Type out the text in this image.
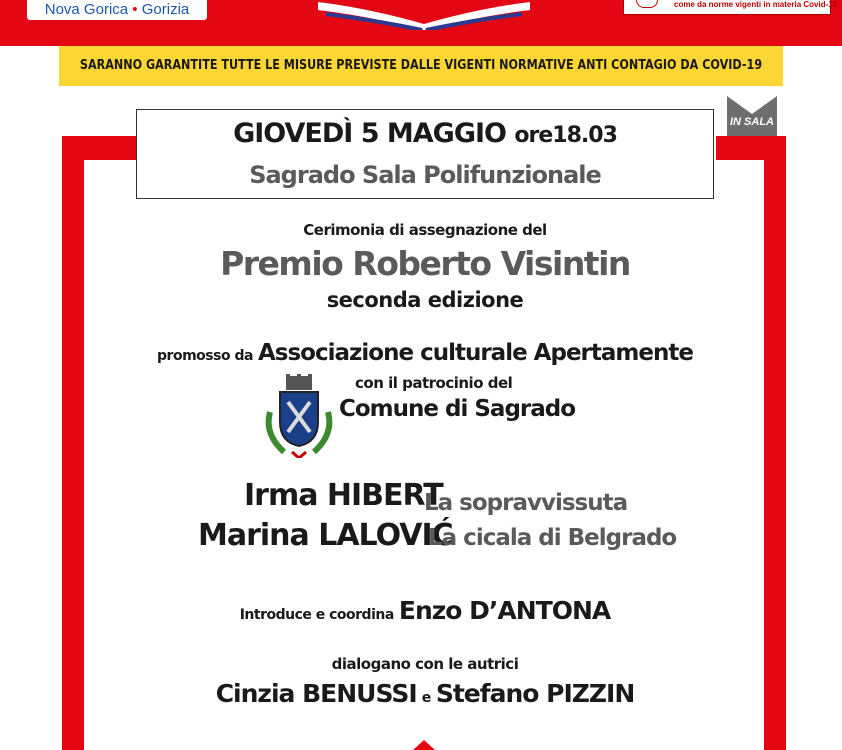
Nova Gorica • Gorizia	come da norme vigenti in materia Covid-19
SARANNO GARANTITE TUTTE LE MISURE PREVISTE DALLE VIGENTI NORMATIVE ANTI CONTAGIO DA COVID-19
IN SALA
GIOVEDÌ 5 MAGGIO ore18.03
Sagrado Sala Polifunzionale
Cerimonia di assegnazione del
Premio Roberto Visintin
seconda edizione
promosso da Associazione culturale Apertamente
con il patrocinio del
Comune di Sagrado
Irma HIBERT
La sopravvissuta
Marina LALOVIĆ
La cicala di Belgrado
Introduce e coordina Enzo D’ANTONA
dialogano con le autrici
Cinzia BENUSSI e Stefano PIZZIN
